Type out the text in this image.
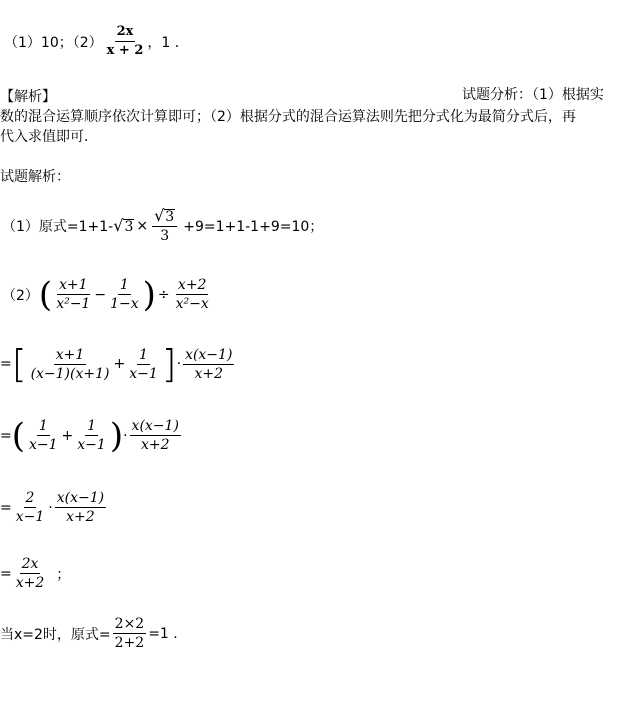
（1）10；$(2) \frac{2x}{x + 2}$ ，1 ．
【解析】	试题分析：（1）根据实
数的混合运算顺序依次计算即可；（2）根据分式的混合运算法则先把分式化为最简分式后，再
代入求值即可.
试题解析：
（1）原式=1+1- √ $3 \times \frac{√ 3}{3} +9=1+1-1+9=10$；
（2） ( $\frac{x+1}{\text{x²−1}} - \frac{1}{1-x}$ ) ÷ $\frac{x+2}{\text{x²−x}}$
= [ $\frac{x+1}{(x-1)(x+1)} + \frac{1}{x-1}$ ] · $\frac{x(x-1)}{x+2}$
= ( $\frac{1}{x-1} + \frac{1}{x-1}$ ) · $\frac{x(x-1)}{x+2}$
= $\frac{2}{x-1} \cdot \frac{x(x-1)}{x+2}$
= $\frac{2x}{x+2}$ ；
当x=2时，原式= $\frac{2\times 2}{2+2} =1$ .
